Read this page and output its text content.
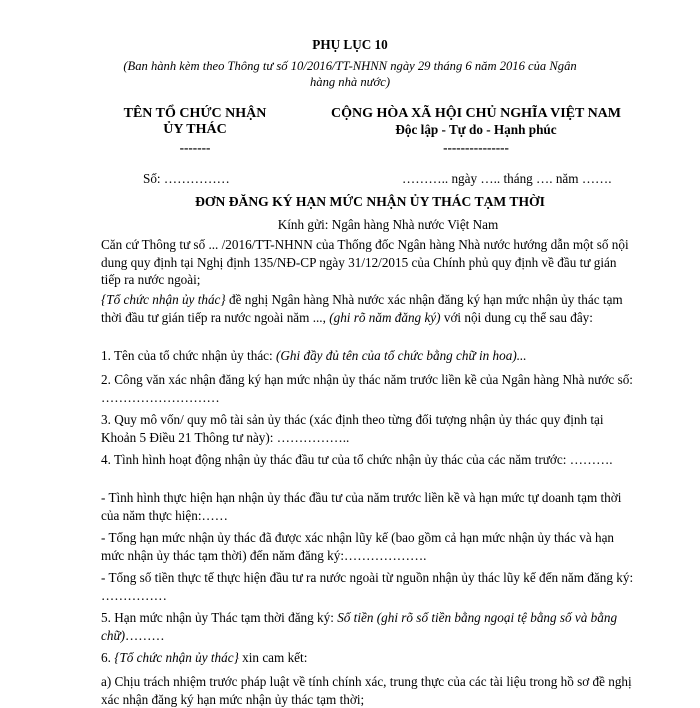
PHỤ LỤC 10
(Ban hành kèm theo Thông tư số 10/2016/TT-NHNN ngày 29 tháng 6 năm 2016 của Ngân
hàng nhà nước)
TÊN TỔ CHỨC NHẬN
ỦY THÁC
-------
Số: ……………
CỘNG HÒA XÃ HỘI CHỦ NGHĨA VIỆT NAM
Độc lập - Tự do - Hạnh phúc
---------------
……….. ngày ….. tháng …. năm …….
ĐƠN ĐĂNG KÝ HẠN MỨC NHẬN ỦY THÁC TẠM THỜI
Kính gửi: Ngân hàng Nhà nước Việt Nam
Căn cứ Thông tư số ... /2016/TT-NHNN của Thống đốc Ngân hàng Nhà nước hướng dẫn một số nội dung quy định tại Nghị định 135/NĐ-CP ngày 31/12/2015 của Chính phủ quy định về đầu tư gián tiếp ra nước ngoài;
{Tổ chức nhận ủy thác} đề nghị Ngân hàng Nhà nước xác nhận đăng ký hạn mức nhận ủy thác tạm thời đầu tư gián tiếp ra nước ngoài năm ..., (ghi rõ năm đăng ký) với nội dung cụ thể sau đây:
1. Tên của tổ chức nhận ủy thác: (Ghi đầy đủ tên của tổ chức bằng chữ in hoa)...
2. Công văn xác nhận đăng ký hạn mức nhận ủy thác năm trước liền kề của Ngân hàng Nhà nước số: ………………………
3. Quy mô vốn/ quy mô tài sản ủy thác (xác định theo từng đối tượng nhận ủy thác quy định tại Khoản 5 Điều 21 Thông tư này): ……………..
4. Tình hình hoạt động nhận ủy thác đầu tư của tổ chức nhận ủy thác của các năm trước: ……….
- Tình hình thực hiện hạn nhận ủy thác đầu tư của năm trước liền kề và hạn mức tự doanh tạm thời của năm thực hiện:……
- Tổng hạn mức nhận ủy thác đã được xác nhận lũy kế (bao gồm cả hạn mức nhận ủy thác và hạn mức nhận ủy thác tạm thời) đến năm đăng ký:……………….
- Tổng số tiền thực tế thực hiện đầu tư ra nước ngoài từ nguồn nhận ủy thác lũy kế đến năm đăng ký: ……………
5. Hạn mức nhận ủy Thác tạm thời đăng ký: Số tiền (ghi rõ số tiền bằng ngoại tệ bằng số và bằng chữ)………
6. {Tổ chức nhận ủy thác} xin cam kết:
a) Chịu trách nhiệm trước pháp luật về tính chính xác, trung thực của các tài liệu trong hồ sơ đề nghị xác nhận đăng ký hạn mức nhận ủy thác tạm thời;
